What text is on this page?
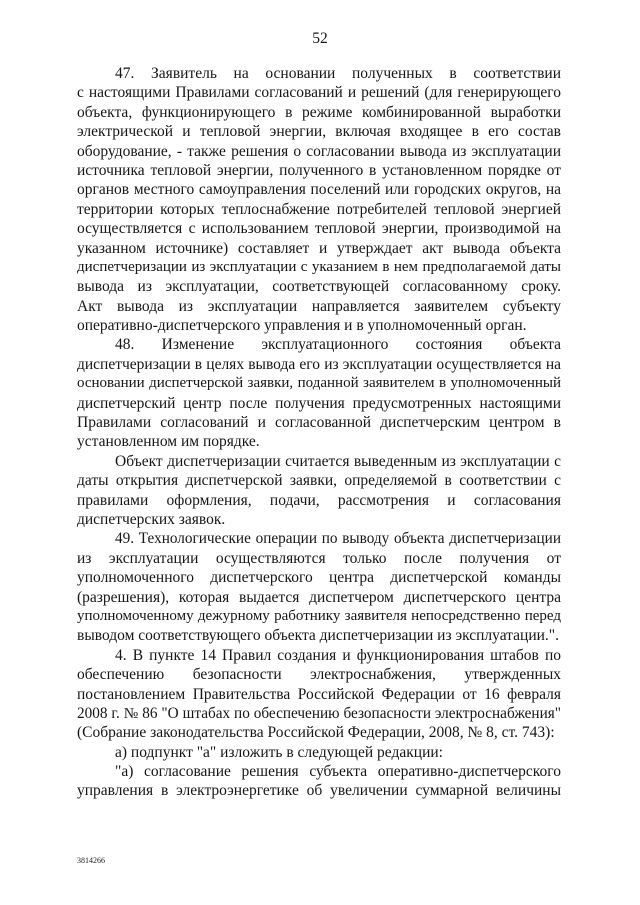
52
47. Заявитель на основании полученных в соответствии
с настоящими Правилами согласований и решений (для генерирующего
объекта, функционирующего в режиме комбинированной выработки
электрической и тепловой энергии, включая входящее в его состав
оборудование, - также решения о согласовании вывода из эксплуатации
источника тепловой энергии, полученного в установленном порядке от
органов местного самоуправления поселений или городских округов, на
территории которых теплоснабжение потребителей тепловой энергией
осуществляется с использованием тепловой энергии, производимой на
указанном источнике) составляет и утверждает акт вывода объекта
диспетчеризации из эксплуатации с указанием в нем предполагаемой даты
вывода из эксплуатации, соответствующей согласованному сроку.
Акт вывода из эксплуатации направляется заявителем субъекту
оперативно-диспетчерского управления и в уполномоченный орган.
48. Изменение эксплуатационного состояния объекта
диспетчеризации в целях вывода его из эксплуатации осуществляется на
основании диспетчерской заявки, поданной заявителем в уполномоченный
диспетчерский центр после получения предусмотренных настоящими
Правилами согласований и согласованной диспетчерским центром в
установленном им порядке.
Объект диспетчеризации считается выведенным из эксплуатации с
даты открытия диспетчерской заявки, определяемой в соответствии с
правилами оформления, подачи, рассмотрения и согласования
диспетчерских заявок.
49. Технологические операции по выводу объекта диспетчеризации
из эксплуатации осуществляются только после получения от
уполномоченного диспетчерского центра диспетчерской команды
(разрешения), которая выдается диспетчером диспетчерского центра
уполномоченному дежурному работнику заявителя непосредственно перед
выводом соответствующего объекта диспетчеризации из эксплуатации.".
4. В пункте 14 Правил создания и функционирования штабов по
обеспечению безопасности электроснабжения, утвержденных
постановлением Правительства Российской Федерации от 16 февраля
2008 г. № 86 "О штабах по обеспечению безопасности электроснабжения"
(Собрание законодательства Российской Федерации, 2008, № 8, ст. 743):
а) подпункт "а" изложить в следующей редакции:
"а) согласование решения субъекта оперативно-диспетчерского
управления в электроэнергетике об увеличении суммарной величины
3814266
